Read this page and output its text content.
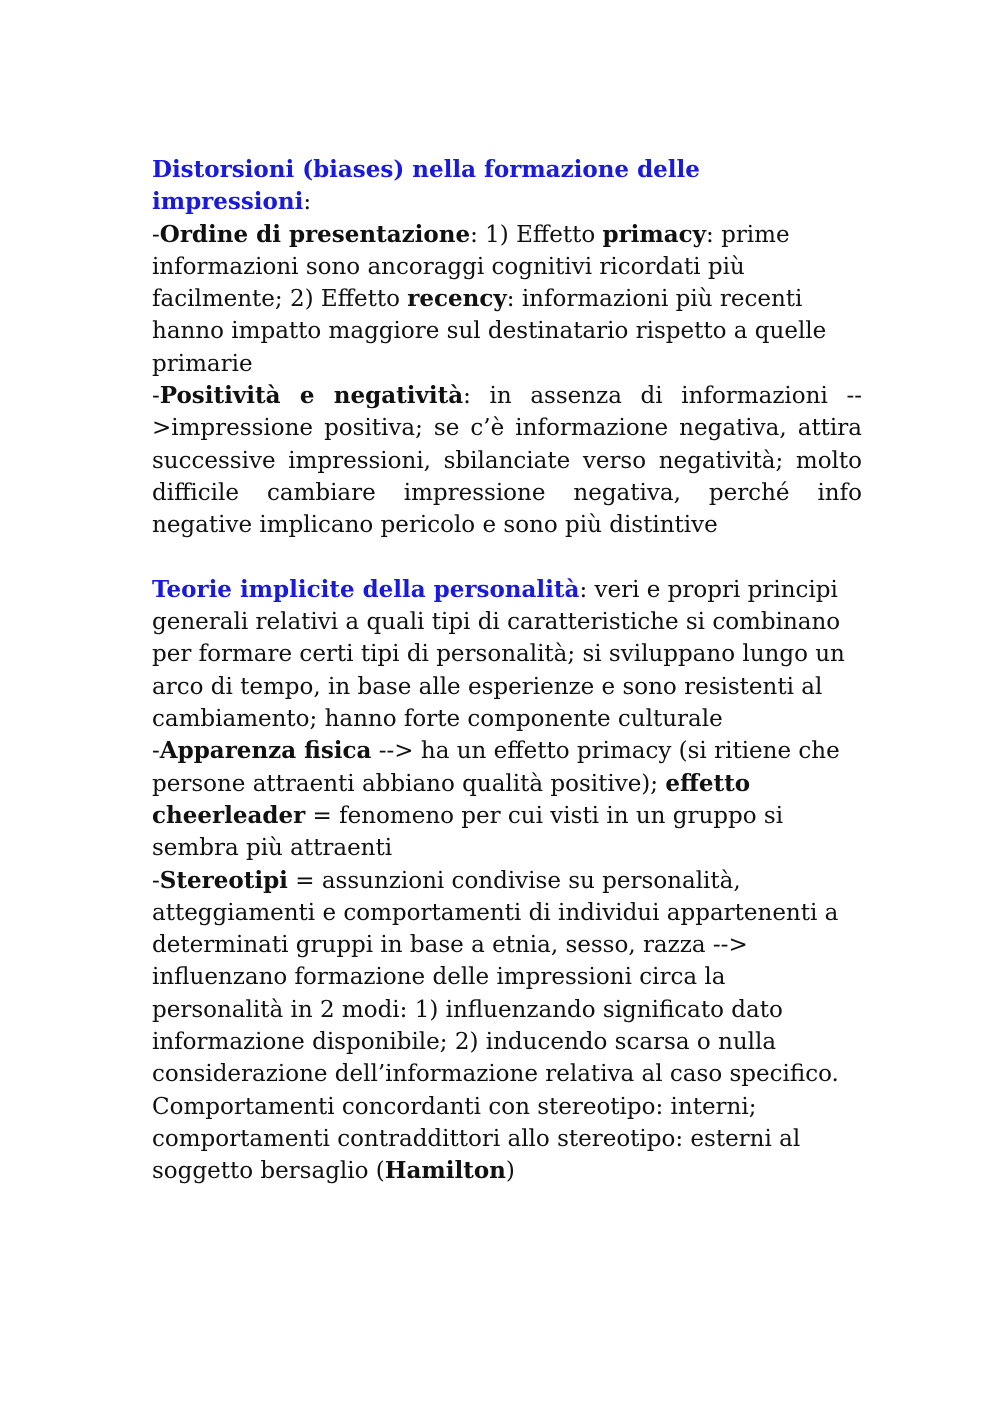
Distorsioni (biases) nella formazione delle impressioni:

-Ordine di presentazione: 1) Effetto primacy: prime informazioni sono ancoraggi cognitivi ricordati più facilmente; 2) Effetto recency: informazioni più recenti hanno impatto maggiore sul destinatario rispetto a quelle primarie

-Positività e negatività: in assenza di informazioni -->impressione positiva; se c’è informazione negativa, attira successive impressioni, sbilanciate verso negatività; molto difficile cambiare impressione negativa, perché info negative implicano pericolo e sono più distintive

Teorie implicite della personalità: veri e propri principi generali relativi a quali tipi di caratteristiche si combinano per formare certi tipi di personalità; si sviluppano lungo un arco di tempo, in base alle esperienze e sono resistenti al cambiamento; hanno forte componente culturale

-Apparenza fisica --> ha un effetto primacy (si ritiene che persone attraenti abbiano qualità positive); effetto cheerleader = fenomeno per cui visti in un gruppo si sembra più attraenti

-Stereotipi = assunzioni condivise su personalità, atteggiamenti e comportamenti di individui appartenenti a determinati gruppi in base a etnia, sesso, razza --> influenzano formazione delle impressioni circa la personalità in 2 modi: 1) influenzando significato dato informazione disponibile; 2) inducendo scarsa o nulla considerazione dell’informazione relativa al caso specifico. Comportamenti concordanti con stereotipo: interni; comportamenti contraddittori allo stereotipo: esterni al soggetto bersaglio (Hamilton)
